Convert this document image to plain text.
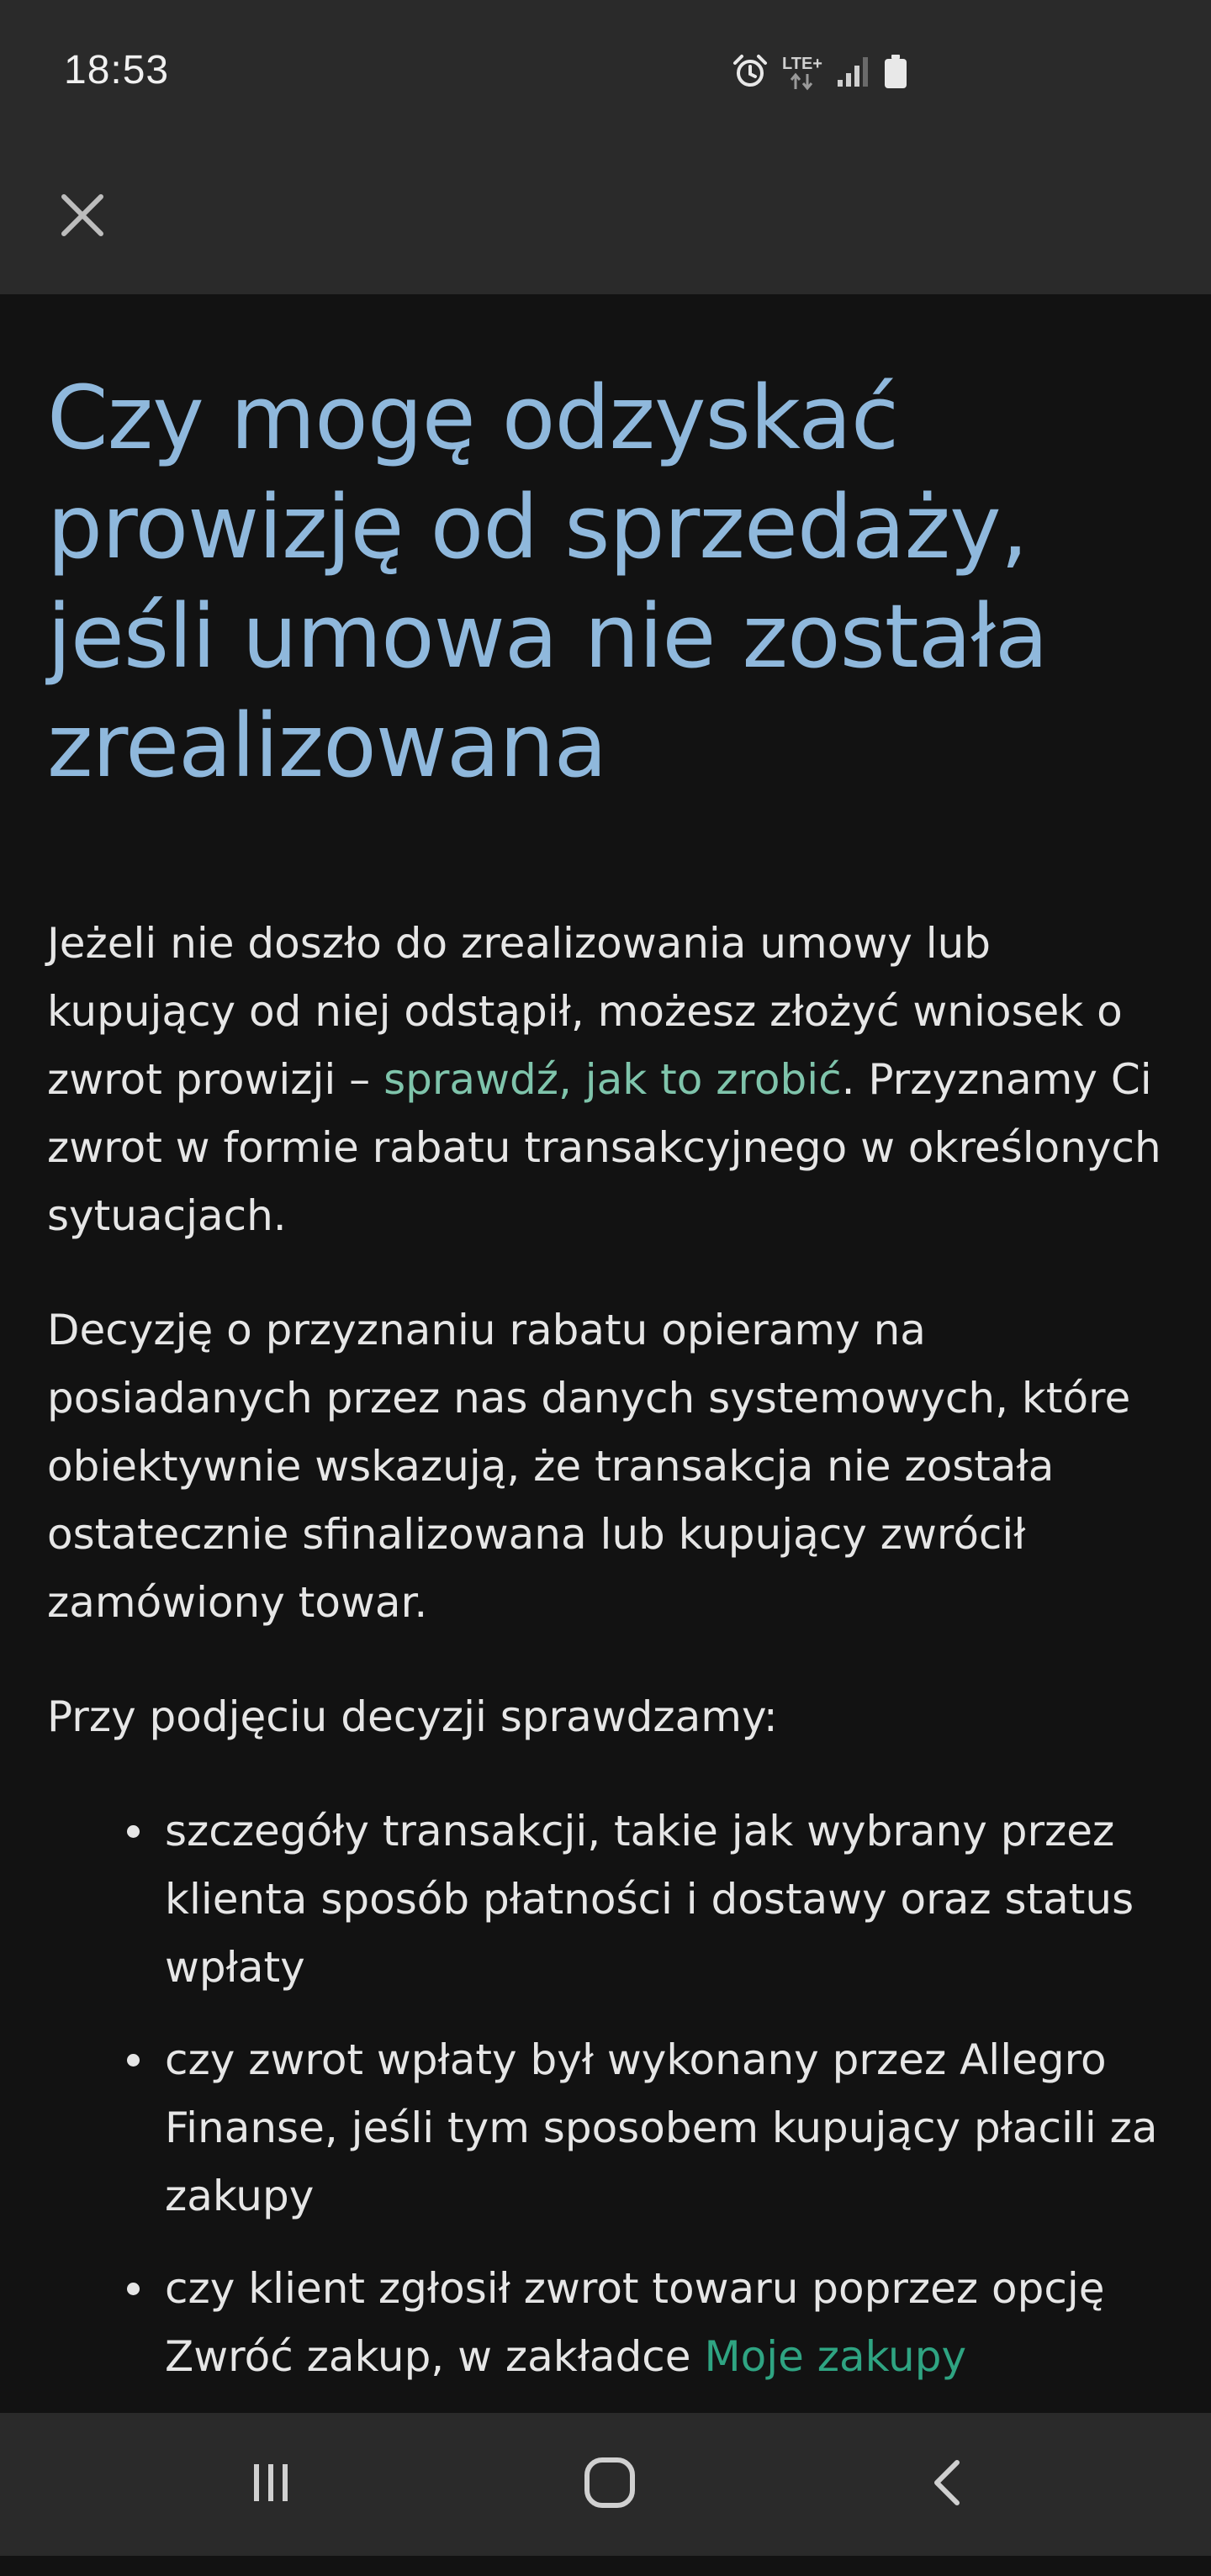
18:53	LTE+
Czy mogę odzyskać prowizję od sprzedaży, jeśli umowa nie została zrealizowana

Jeżeli nie doszło do zrealizowania umowy lub kupujący od niej odstąpił, możesz złożyć wniosek o zwrot prowizji – sprawdź, jak to zrobić. Przyznamy Ci zwrot w formie rabatu transakcyjnego w określonych sytuacjach.

Decyzję o przyznaniu rabatu opieramy na posiadanych przez nas danych systemowych, które obiektywnie wskazują, że transakcja nie została ostatecznie sfinalizowana lub kupujący zwrócił zamówiony towar.

Przy podjęciu decyzji sprawdzamy:

szczegóły transakcji, takie jak wybrany przez klienta sposób płatności i dostawy oraz status wpłaty
czy zwrot wpłaty był wykonany przez Allegro Finanse, jeśli tym sposobem kupujący płacili za zakupy
czy klient zgłosił zwrot towaru poprzez opcję Zwróć zakup, w zakładce Moje zakupy
